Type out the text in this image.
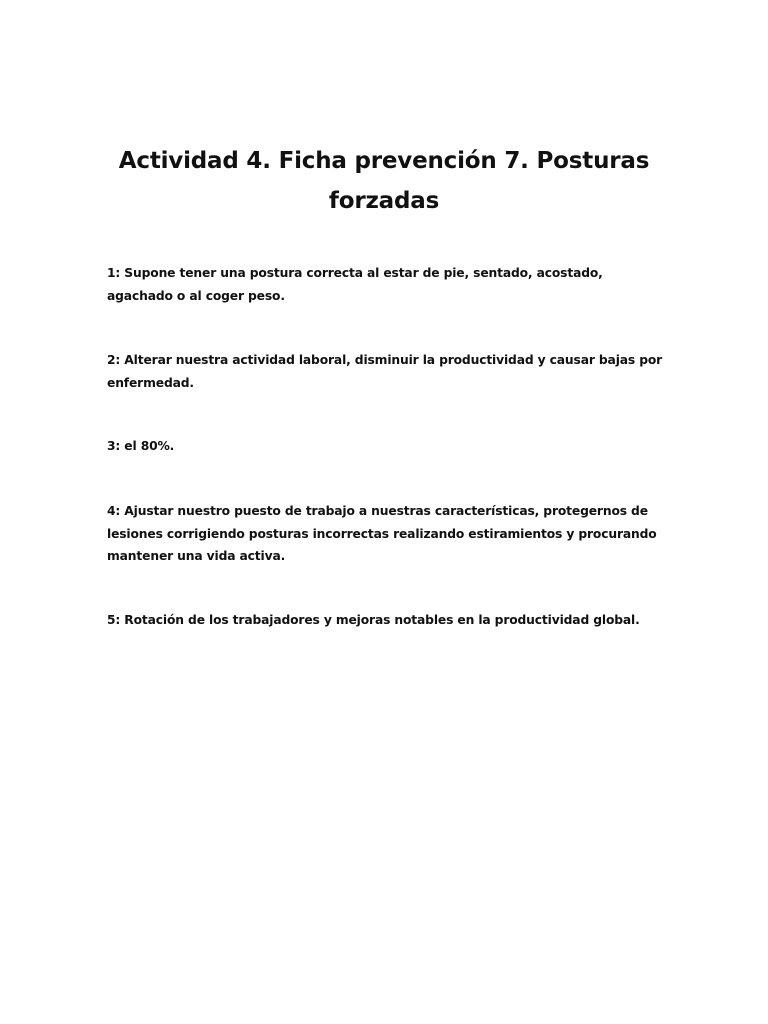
Actividad 4. Ficha prevención 7. Posturas
forzadas

1: Supone tener una postura correcta al estar de pie, sentado, acostado,
agachado o al coger peso.

2: Alterar nuestra actividad laboral, disminuir la productividad y causar bajas por
enfermedad.

3: el 80%.

4: Ajustar nuestro puesto de trabajo a nuestras características, protegernos de
lesiones corrigiendo posturas incorrectas realizando estiramientos y procurando
mantener una vida activa.

5: Rotación de los trabajadores y mejoras notables en la productividad global.
